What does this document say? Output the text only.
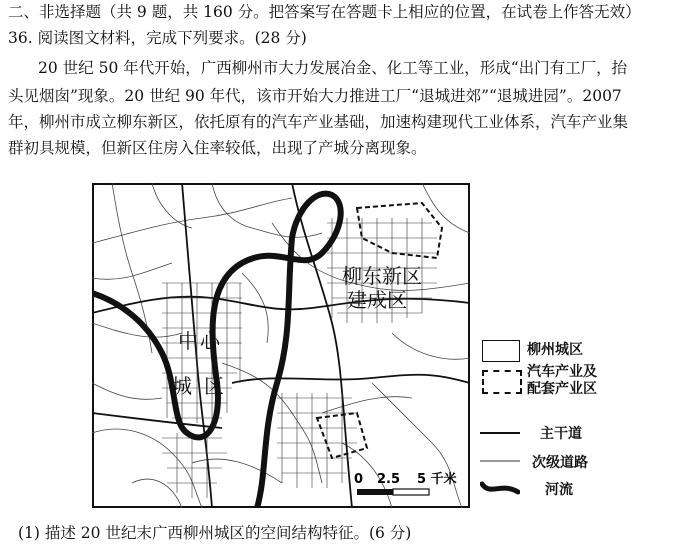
二、非选择题（共 9 题，共 160 分。把答案写在答题卡上相应的位置，在试卷上作答无效）
36. 阅读图文材料，完成下列要求。(28 分)
20 世纪 50 年代开始，广西柳州市大力发展冶金、化工等工业，形成“出门有工厂，抬
头见烟囱”现象。20 世纪 90 年代，该市开始大力推进工厂“退城进郊”“退城进园”。2007
年，柳州市成立柳东新区，依托原有的汽车产业基础，加速构建现代工业体系，汽车产业集
群初具规模，但新区住房入住率较低，出现了产城分离现象。
中 心
城 区
柳东新区
建成区
0 2.5 5 千米
柳州城区
汽车产业及
配套产业区
主干道
次级道路
河流
(1) 描述 20 世纪末广西柳州城区的空间结构特征。(6 分)
